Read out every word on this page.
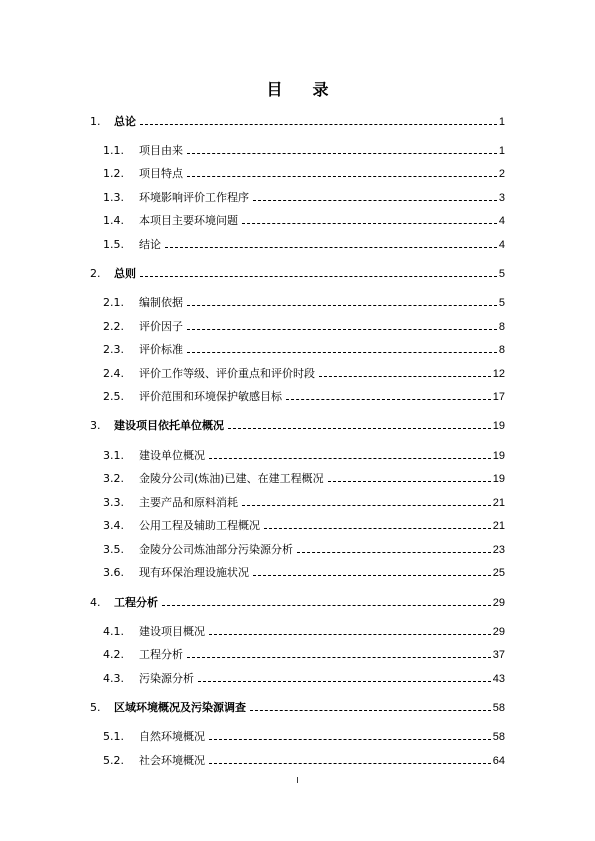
目 录
1.	总论	1
1.1.	项目由来	1
1.2.	项目特点	2
1.3.	环境影响评价工作程序	3
1.4.	本项目主要环境问题	4
1.5.	结论	4
2.	总则	5
2.1.	编制依据	5
2.2.	评价因子	8
2.3.	评价标准	8
2.4.	评价工作等级、评价重点和评价时段	12
2.5.	评价范围和环境保护敏感目标	17
3.	建设项目依托单位概况	19
3.1.	建设单位概况	19
3.2.	金陵分公司(炼油)已建、在建工程概况	19
3.3.	主要产品和原料消耗	21
3.4.	公用工程及辅助工程概况	21
3.5.	金陵分公司炼油部分污染源分析	23
3.6.	现有环保治理设施状况	25
4.	工程分析	29
4.1.	建设项目概况	29
4.2.	工程分析	37
4.3.	污染源分析	43
5.	区域环境概况及污染源调查	58
5.1.	自然环境概况	58
5.2.	社会环境概况	64
I
